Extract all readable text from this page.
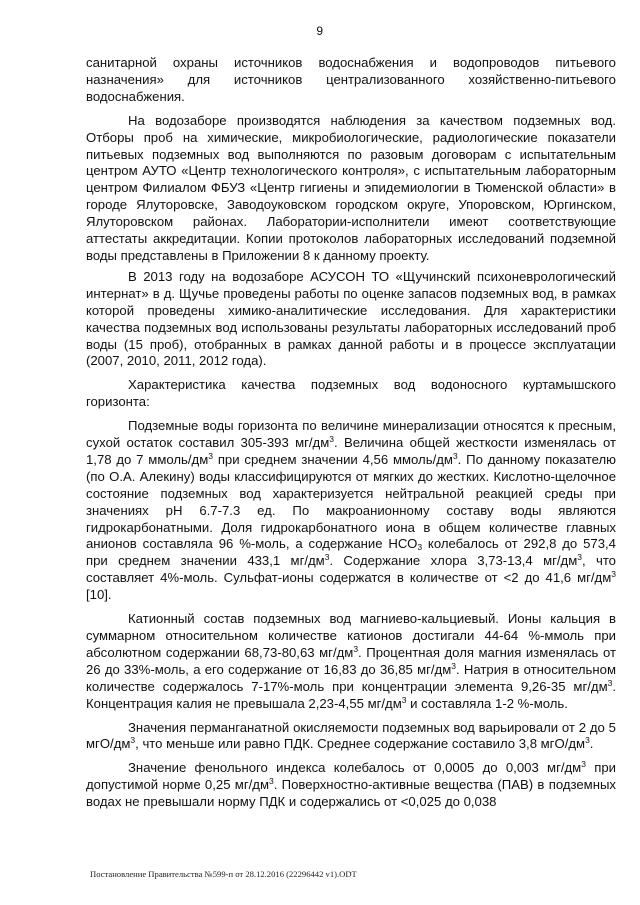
9

санитарной охраны источников водоснабжения и водопроводов питьевого назначения» для источников централизованного хозяйственно-питьевого водоснабжения.

На водозаборе производятся наблюдения за качеством подземных вод. Отборы проб на химические, микробиологические, радиологические показатели питьевых подземных вод выполняются по разовым договорам с испытательным центром АУТО «Центр технологического контроля», с испытательным лабораторным центром Филиалом ФБУЗ «Центр гигиены и эпидемиологии в Тюменской области» в городе Ялуторовске, Заводоуковском городском округе, Упоровском, Юргинском, Ялуторовском районах. Лаборатории-исполнители имеют соответствующие аттестаты аккредитации. Копии протоколов лабораторных исследований подземной воды представлены в Приложении 8 к данному проекту.

В 2013 году на водозаборе АСУСОН ТО «Щучинский психоневрологический интернат» в д. Щучье проведены работы по оценке запасов подземных вод, в рамках которой проведены химико-аналитические исследования. Для характеристики качества подземных вод использованы результаты лабораторных исследований проб воды (15 проб), отобранных в рамках данной работы и в процессе эксплуатации (2007, 2010, 2011, 2012 года).

Характеристика качества подземных вод водоносного куртамышского горизонта:

Подземные воды горизонта по величине минерализации относятся к пресным, сухой остаток составил 305-393 $мг/дм^3$. Величина общей жесткости изменялась от 1,78 до 7 ммоль/$дм^3$ при среднем значении 4,56 ммоль/$дм^3$. По данному показателю (по О.А. Алекину) воды классифицируются от мягких до жестких. Кислотно-щелочное состояние подземных вод характеризуется нейтральной реакцией среды при значениях рН 6.7-7.3 ед. По макроанионному составу воды являются гидрокарбонатными. Доля гидрокарбонатного иона в общем количестве главных анионов составляла 96 %-моль, а содержание $НСО_3$ колебалось от 292,8 до 573,4 при среднем значении 433,1 $мг/дм^3$. Содержание хлора 3,73-13,4 $мг/дм^3$, что составляет 4%-моль. Сульфат-ионы содержатся в количестве от <2 до 41,6 $мг/дм^3$ [10].

Катионный состав подземных вод магниево-кальциевый. Ионы кальция в суммарном относительном количестве катионов достигали 44-64 %-ммоль при абсолютном содержании 68,73-80,63 $мг/дм^3$. Процентная доля магния изменялась от 26 до 33%-моль, а его содержание от 16,83 до 36,85 $мг/дм^3$. Натрия в относительном количестве содержалось 7-17%-моль при концентрации элемента 9,26-35 $мг/дм^3$. Концентрация калия не превышала 2,23-4,55 $мг/дм^3$ и составляла 1-2 %-моль.

Значения перманганатной окисляемости подземных вод варьировали от 2 до 5 мгО/$дм^3$, что меньше или равно ПДК. Среднее содержание составило 3,8 мгО/$дм^3$.

Значение фенольного индекса колебалось от 0,0005 до 0,003 $мг/дм^3$ при допустимой норме 0,25 $мг/дм^3$. Поверхностно-активные вещества (ПАВ) в подземных водах не превышали норму ПДК и содержались от <0,025 до 0,038

Постановление Правительства №599-п от 28.12.2016 (22296442 v1).ODT
